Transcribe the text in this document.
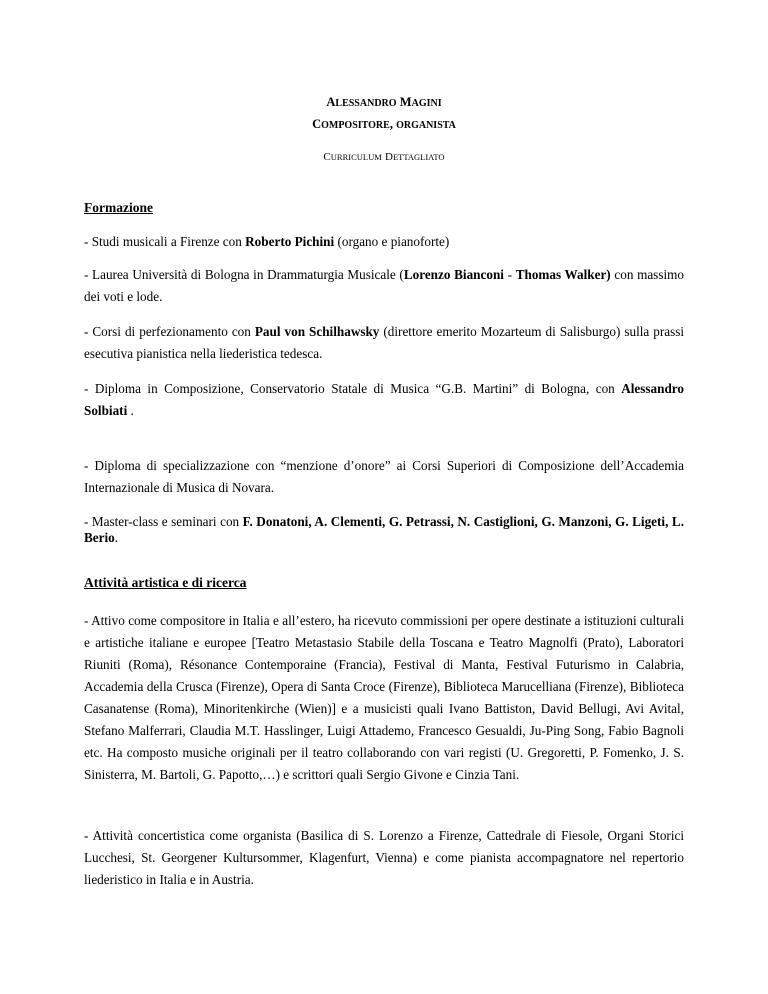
ALESSANDRO MAGINI
COMPOSITORE, ORGANISTA
CURRICULUM DETTAGLIATO
Formazione
- Studi musicali a Firenze con Roberto Pichini (organo e pianoforte)
- Laurea Università di Bologna in Drammaturgia Musicale (Lorenzo Bianconi - Thomas Walker) con massimo dei voti e lode.
- Corsi di perfezionamento con Paul von Schilhawsky (direttore emerito Mozarteum di Salisburgo) sulla prassi esecutiva pianistica nella liederistica tedesca.
- Diploma in Composizione, Conservatorio Statale di Musica “G.B. Martini” di Bologna, con Alessandro Solbiati .
- Diploma di specializzazione con “menzione d’onore” ai Corsi Superiori di Composizione dell’Accademia Internazionale di Musica di Novara.
- Master-class e seminari con F. Donatoni, A. Clementi, G. Petrassi, N. Castiglioni, G. Manzoni, G. Ligeti, L. Berio.
Attività artistica e di ricerca
- Attivo come compositore in Italia e all’estero, ha ricevuto commissioni per opere destinate a istituzioni culturali e artistiche italiane e europee [Teatro Metastasio Stabile della Toscana e Teatro Magnolfi (Prato), Laboratori Riuniti (Roma), Résonance Contemporaine (Francia), Festival di Manta, Festival Futurismo in Calabria, Accademia della Crusca (Firenze), Opera di Santa Croce (Firenze), Biblioteca Marucelliana (Firenze), Biblioteca Casanatense (Roma), Minoritenkirche (Wien)] e a musicisti quali Ivano Battiston, David Bellugi, Avi Avital, Stefano Malferrari, Claudia M.T. Hasslinger, Luigi Attademo, Francesco Gesualdi, Ju-Ping Song, Fabio Bagnoli etc. Ha composto musiche originali per il teatro collaborando con vari registi (U. Gregoretti, P. Fomenko, J. S. Sinisterra, M. Bartoli, G. Papotto,…) e scrittori quali Sergio Givone e Cinzia Tani.
- Attività concertistica come organista (Basilica di S. Lorenzo a Firenze, Cattedrale di Fiesole, Organi Storici Lucchesi, St. Georgener Kultursommer, Klagenfurt, Vienna) e come pianista accompagnatore nel repertorio liederistico in Italia e in Austria.
